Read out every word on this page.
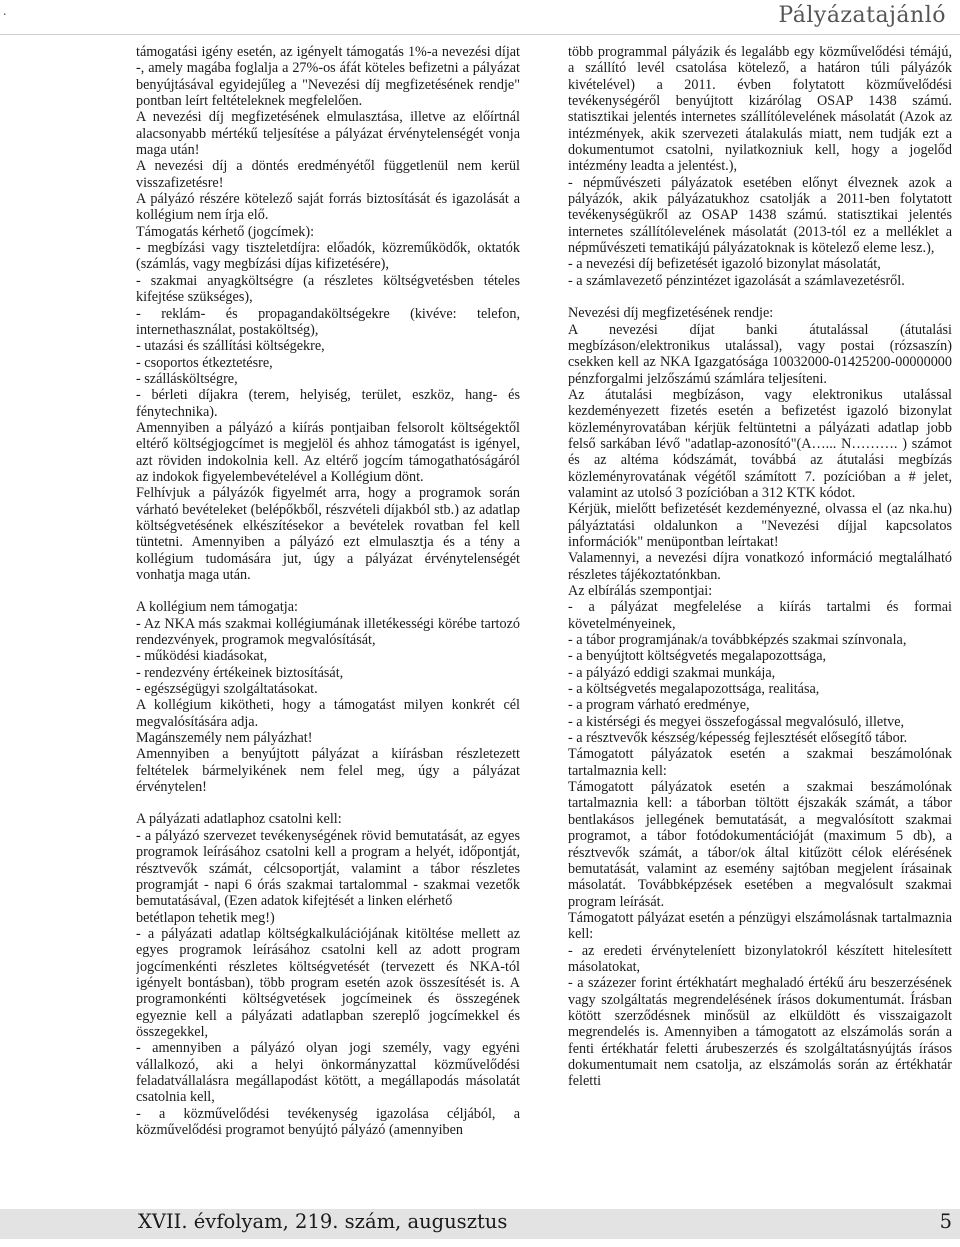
.	Pályázatajánló

támogatási igény esetén, az igényelt támogatás 1%-a nevezési díjat -, amely magába foglalja a 27%-os áfát köteles befizetni a pályázat benyújtásával egyidejűleg a "Nevezési díj megfizetésének rendje" pontban leírt feltételeknek megfelelően.

A nevezési díj megfizetésének elmulasztása, illetve az előírtnál alacsonyabb mértékű teljesítése a pályázat érvénytelenségét vonja maga után!

A nevezési díj a döntés eredményétől függetlenül nem kerül visszafizetésre!

A pályázó részére kötelező saját forrás biztosítását és igazolását a kollégium nem írja elő.

Támogatás kérhető (jogcímek):

- megbízási vagy tiszteletdíjra: előadók, közreműködők, oktatók (számlás, vagy megbízási díjas kifizetésére),

- szakmai anyagköltségre (a részletes költségvetésben tételes kifejtése szükséges),

- reklám- és propagandaköltségekre (kivéve: telefon, internethasználat, postaköltség),

- utazási és szállítási költségekre,

- csoportos étkeztetésre,

- szállásköltségre,

- bérleti díjakra (terem, helyiség, terület, eszköz, hang- és fénytechnika).

Amennyiben a pályázó a kiírás pontjaiban felsorolt költségektől eltérő költségjogcímet is megjelöl és ahhoz támogatást is igényel, azt röviden indokolnia kell. Az eltérő jogcím támogathatóságáról az indokok figyelembevételével a Kollégium dönt.

Felhívjuk a pályázók figyelmét arra, hogy a programok során várható bevételeket (belépőkből, részvételi díjakból stb.) az adatlap költségvetésének elkészítésekor a bevételek rovatban fel kell tüntetni. Amennyiben a pályázó ezt elmulasztja és a tény a kollégium tudomására jut, úgy a pályázat érvénytelenségét vonhatja maga után.

A kollégium nem támogatja:

- Az NKA más szakmai kollégiumának illetékességi körébe tartozó rendezvények, programok megvalósítását,

- működési kiadásokat,

- rendezvény értékeinek biztosítását,

- egészségügyi szolgáltatásokat.

A kollégium kikötheti, hogy a támogatást milyen konkrét cél megvalósítására adja.

Magánszemély nem pályázhat!

Amennyiben a benyújtott pályázat a kiírásban részletezett feltételek bármelyikének nem felel meg, úgy a pályázat érvénytelen!

A pályázati adatlaphoz csatolni kell:

- a pályázó szervezet tevékenységének rövid bemutatását, az egyes programok leírásához csatolni kell a program a helyét, időpontját, résztvevők számát, célcsoportját, valamint a tábor részletes programját - napi 6 órás szakmai tartalommal - szakmai vezetők bemutatásával, (Ezen adatok kifejtését a linken elérhető

betétlapon tehetik meg!)

- a pályázati adatlap költségkalkulációjának kitöltése mellett az egyes programok leírásához csatolni kell az adott program jogcímenkénti részletes költségvetését (tervezett és NKA-tól igényelt bontásban), több program esetén azok összesítését is. A programonkénti költségvetések jogcímeinek és összegének egyeznie kell a pályázati adatlapban szereplő jogcímekkel és összegekkel,

- amennyiben a pályázó olyan jogi személy, vagy egyéni vállalkozó, aki a helyi önkormányzattal közművelődési feladatvállalásra megállapodást kötött, a megállapodás másolatát csatolnia kell,

- a közművelődési tevékenység igazolása céljából, a közművelődési programot benyújtó pályázó (amennyiben

több programmal pályázik és legalább egy közművelődési témájú, a szállító levél csatolása kötelező, a határon túli pályázók kivételével) a 2011. évben folytatott közművelődési tevékenységéről benyújtott kizárólag OSAP 1438 számú. statisztikai jelentés internetes szállítólevelének másolatát (Azok az intézmények, akik szervezeti átalakulás miatt, nem tudják ezt a dokumentumot csatolni, nyilatkozniuk kell, hogy a jogelőd intézmény leadta a jelentést.),

- népművészeti pályázatok esetében előnyt élveznek azok a pályázók, akik pályázatukhoz csatolják a 2011-ben folytatott tevékenységükről az OSAP 1438 számú. statisztikai jelentés internetes szállítólevelének másolatát (2013-tól ez a melléklet a népművészeti tematikájú pályázatoknak is kötelező eleme lesz.),

- a nevezési díj befizetését igazoló bizonylat másolatát,

- a számlavezető pénzintézet igazolását a számlavezetésről.

Nevezési díj megfizetésének rendje:

A nevezési díjat banki átutalással (átutalási megbízáson/elektronikus utalással), vagy postai (rózsaszín) csekken kell az NKA Igazgatósága 10032000-01425200-00000000 pénzforgalmi jelzőszámú számlára teljesíteni.

Az átutalási megbízáson, vagy elektronikus utalással kezdeményezett fizetés esetén a befizetést igazoló bizonylat közleményrovatában kérjük feltüntetni a pályázati adatlap jobb felső sarkában lévő "adatlap-azonosító"(A…... N………. ) számot és az altéma kódszámát, továbbá az átutalási megbízás közleményrovatának végétől számított 7. pozícióban a # jelet, valamint az utolsó 3 pozícióban a 312 KTK kódot.

Kérjük, mielőtt befizetését kezdeményezné, olvassa el (az nka.hu) pályáztatási oldalunkon a "Nevezési díjjal kapcsolatos információk" menüpontban leírtakat!

Valamennyi, a nevezési díjra vonatkozó információ megtalálható részletes tájékoztatónkban.

Az elbírálás szempontjai:

- a pályázat megfelelése a kiírás tartalmi és formai követelményeinek,

- a tábor programjának/a továbbképzés szakmai színvonala,

- a benyújtott költségvetés megalapozottsága,

- a pályázó eddigi szakmai munkája,

- a költségvetés megalapozottsága, realitása,

- a program várható eredménye,

- a kistérségi és megyei összefogással megvalósuló, illetve,

- a résztvevők készség/képesség fejlesztését elősegítő tábor.

Támogatott pályázatok esetén a szakmai beszámolónak tartalmaznia kell:

Támogatott pályázatok esetén a szakmai beszámolónak tartalmaznia kell: a táborban töltött éjszakák számát, a tábor bentlakásos jellegének bemutatását, a megvalósított szakmai programot, a tábor fotódokumentációját (maximum 5 db), a résztvevők számát, a tábor/ok által kitűzött célok elérésének bemutatását, valamint az esemény sajtóban megjelent írásainak másolatát. Továbbképzések esetében a megvalósult szakmai program leírását.

Támogatott pályázat esetén a pénzügyi elszámolásnak tartalmaznia kell:

- az eredeti érvényteleníett bizonylatokról készített hitelesített másolatokat,

- a százezer forint értékhatárt meghaladó értékű áru beszerzésének vagy szolgáltatás megrendelésének írásos dokumentumát. Írásban kötött szerződésnek minősül az elküldött és visszaigazolt megrendelés is. Amennyiben a támogatott az elszámolás során a fenti értékhatár feletti árubeszerzés és szolgáltatásnyújtás írásos dokumentumait nem csatolja, az elszámolás során az értékhatár feletti

XVII. évfolyam, 219. szám, augusztus	5
